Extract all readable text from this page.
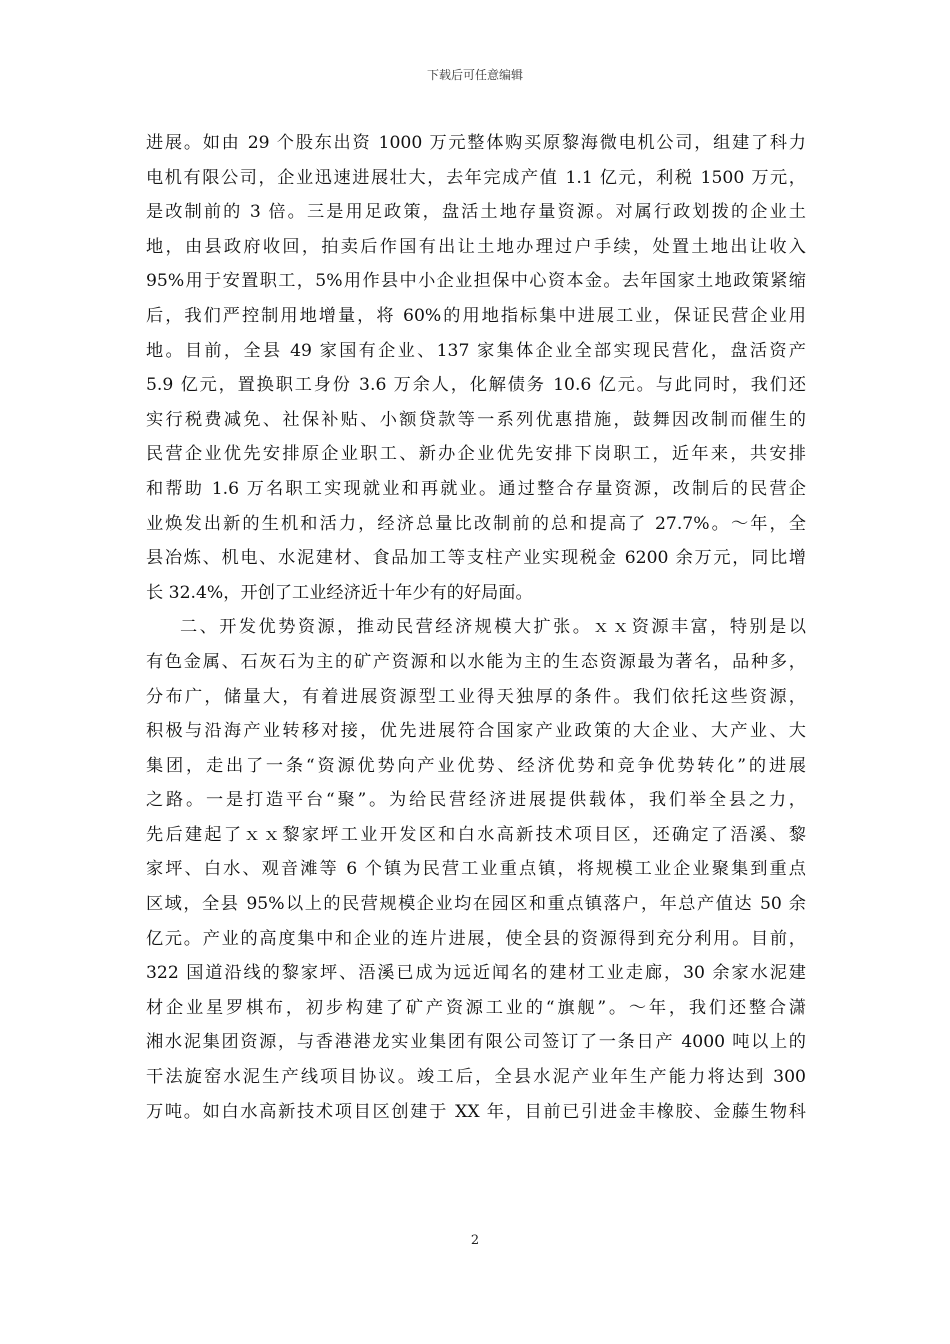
下载后可任意编辑
进展。如由 29 个股东出资 1000 万元整体购买原黎海微电机公司，组建了科力
电机有限公司，企业迅速进展壮大，去年完成产值 1.1 亿元，利税 1500 万元，
是改制前的 3 倍。三是用足政策，盘活土地存量资源。对属行政划拨的企业土
地，由县政府收回，拍卖后作国有出让土地办理过户手续，处置土地出让收入
95%用于安置职工，5%用作县中小企业担保中心资本金。去年国家土地政策紧缩
后，我们严控制用地增量，将 60%的用地指标集中进展工业，保证民营企业用
地。目前，全县 49 家国有企业、137 家集体企业全部实现民营化，盘活资产
5.9 亿元，置换职工身份 3.6 万余人，化解债务 10.6 亿元。与此同时，我们还
实行税费减免、社保补贴、小额贷款等一系列优惠措施，鼓舞因改制而催生的
民营企业优先安排原企业职工、新办企业优先安排下岗职工，近年来，共安排
和帮助 1.6 万名职工实现就业和再就业。通过整合存量资源，改制后的民营企
业焕发出新的生机和活力，经济总量比改制前的总和提高了 27.7%。～年，全
县冶炼、机电、水泥建材、食品加工等支柱产业实现税金 6200 余万元，同比增
长 32.4%，开创了工业经济近十年少有的好局面。
二、开发优势资源，推动民营经济规模大扩张。ｘｘ资源丰富，特别是以
有色金属、石灰石为主的矿产资源和以水能为主的生态资源最为著名，品种多，
分布广，储量大，有着进展资源型工业得天独厚的条件。我们依托这些资源，
积极与沿海产业转移对接，优先进展符合国家产业政策的大企业、大产业、大
集团，走出了一条“资源优势向产业优势、经济优势和竞争优势转化”的进展
之路。一是打造平台“聚”。为给民营经济进展提供载体，我们举全县之力，
先后建起了ｘｘ黎家坪工业开发区和白水高新技术项目区，还确定了浯溪、黎
家坪、白水、观音滩等 6 个镇为民营工业重点镇，将规模工业企业聚集到重点
区域，全县 95%以上的民营规模企业均在园区和重点镇落户，年总产值达 50 余
亿元。产业的高度集中和企业的连片进展，使全县的资源得到充分利用。目前，
322 国道沿线的黎家坪、浯溪已成为远近闻名的建材工业走廊，30 余家水泥建
材企业星罗棋布，初步构建了矿产资源工业的“旗舰”。～年，我们还整合潇
湘水泥集团资源，与香港港龙实业集团有限公司签订了一条日产 4000 吨以上的
干法旋窑水泥生产线项目协议。竣工后，全县水泥产业年生产能力将达到 300
万吨。如白水高新技术项目区创建于 XX 年，目前已引进金丰橡胶、金藤生物科
2
